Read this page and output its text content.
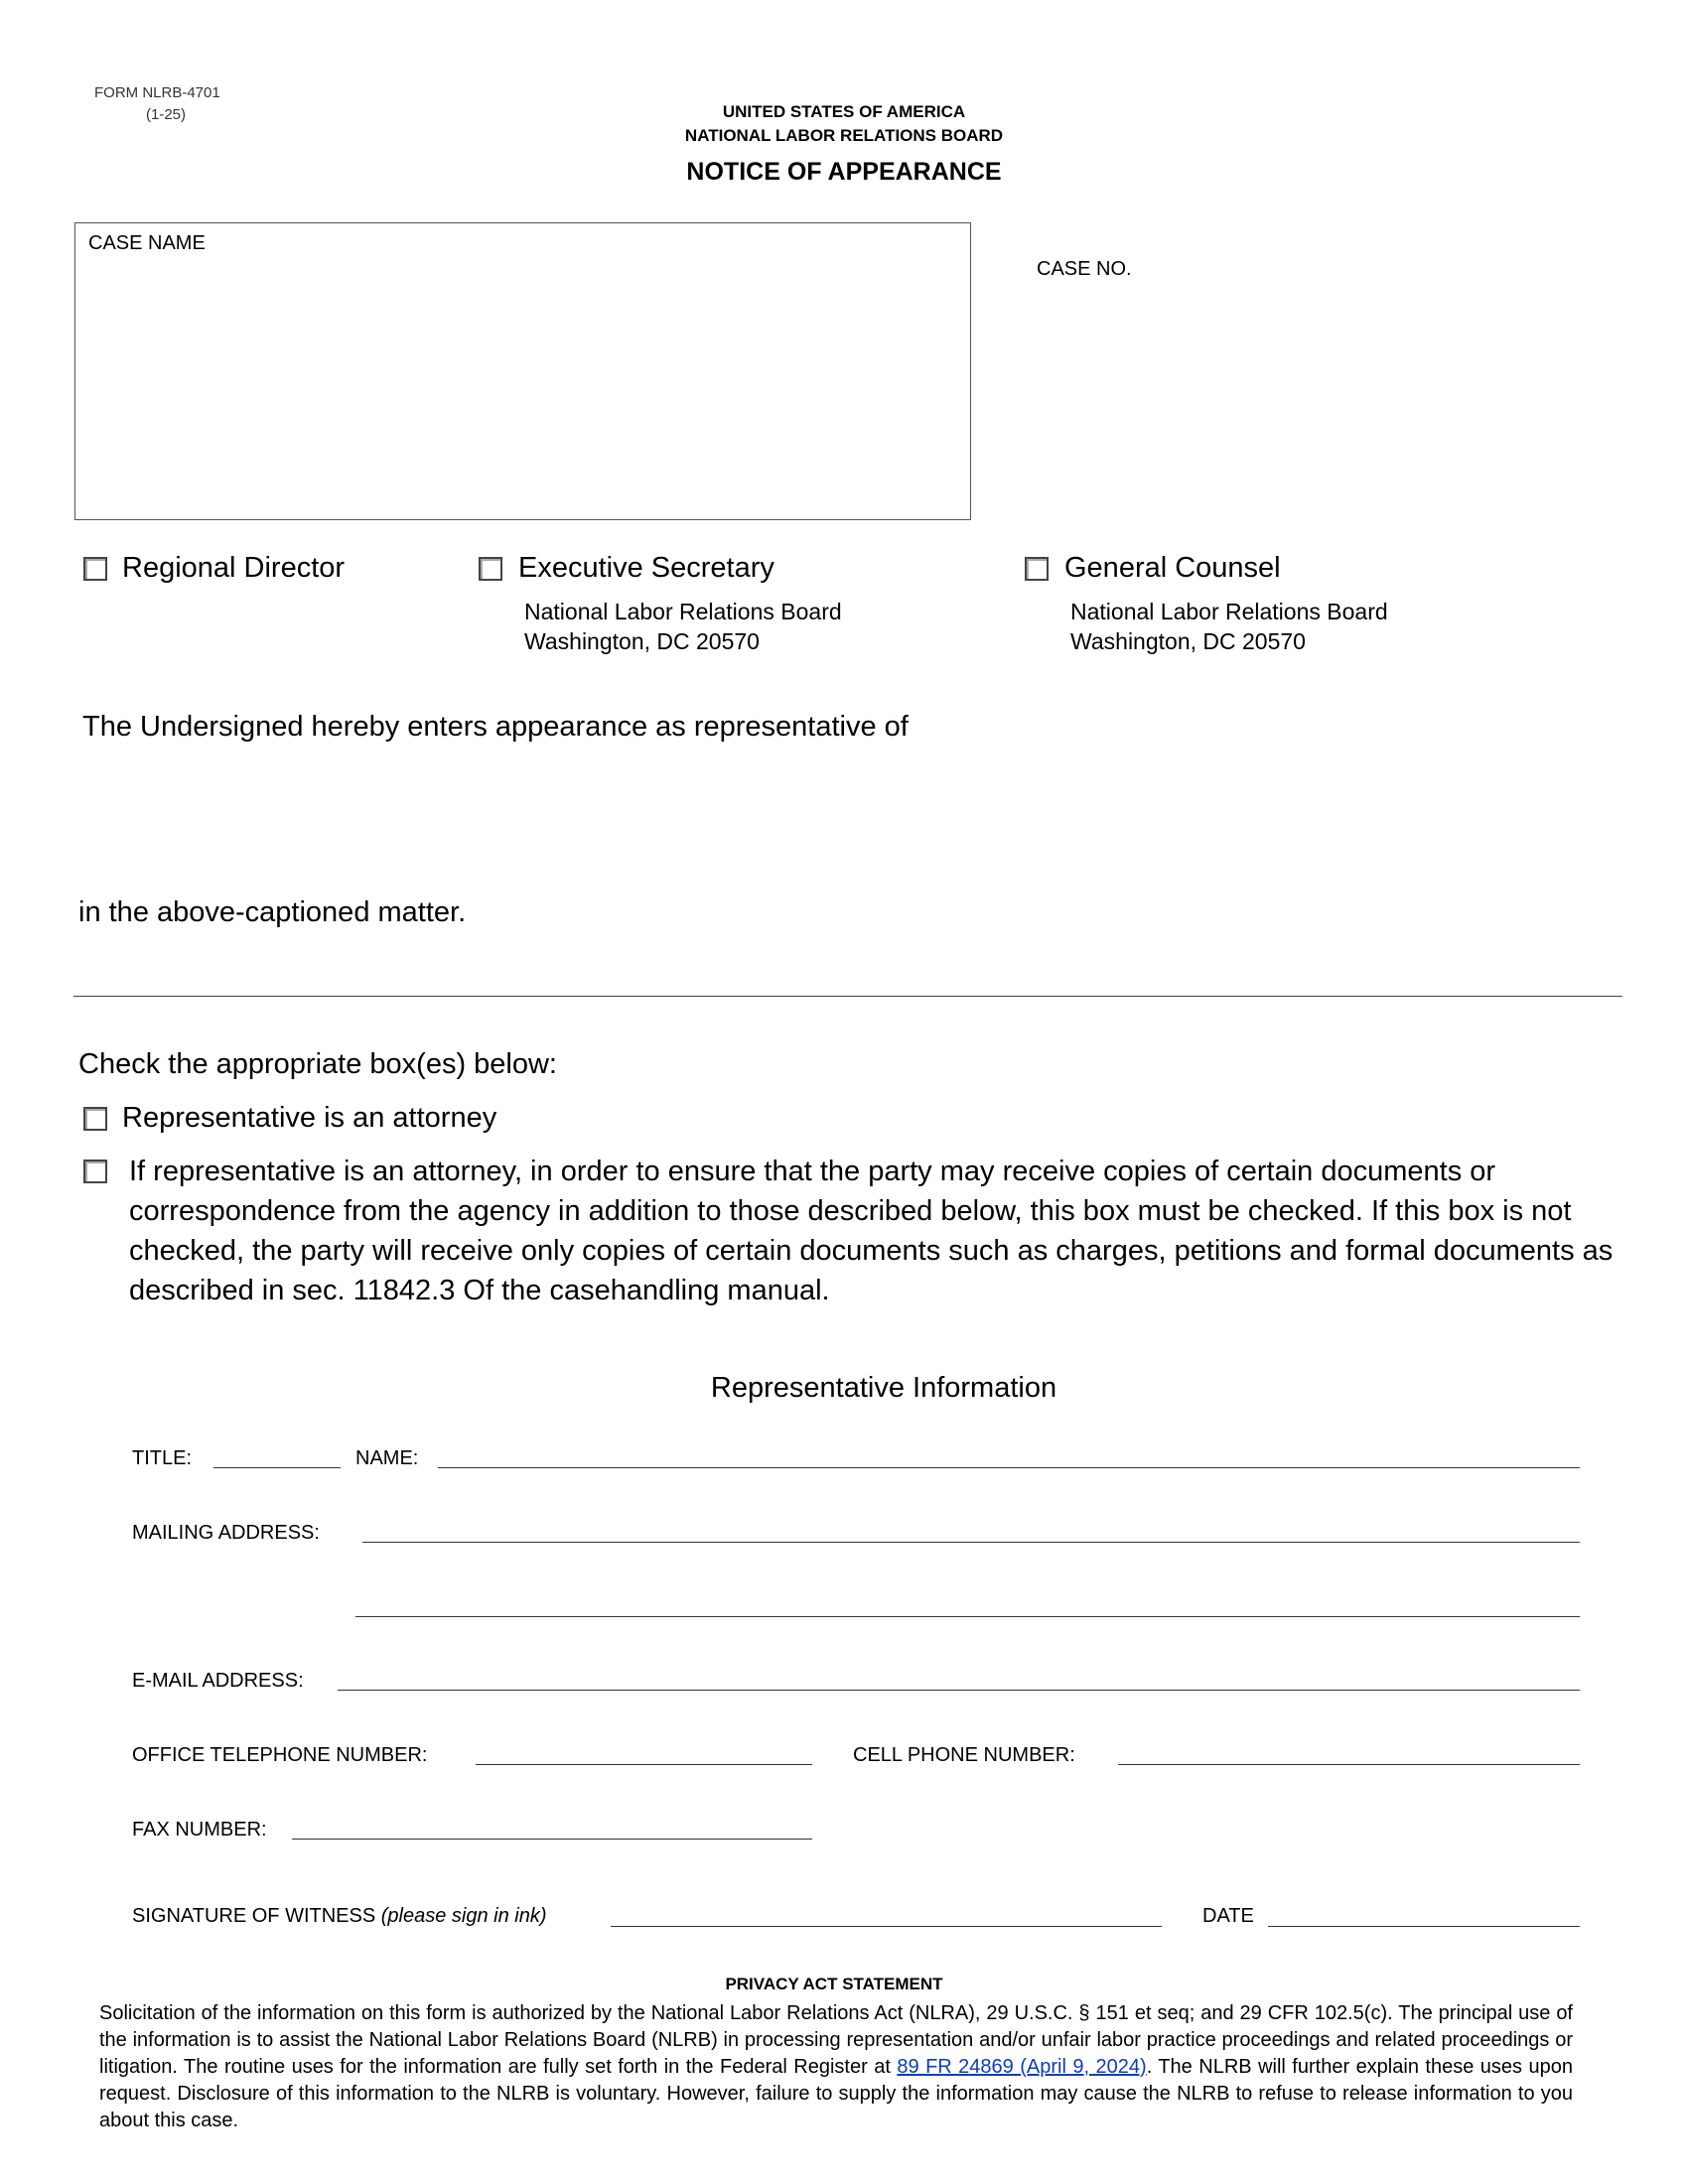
FORM NLRB-4701
(1-25)	UNITED STATES OF AMERICA
NATIONAL LABOR RELATIONS BOARD
NOTICE OF APPEARANCE
CASE NAME
CASE NO.
Regional Director	Executive Secretary
National Labor Relations Board
Washington, DC 20570
General Counsel
National Labor Relations Board
Washington, DC 20570
The Undersigned hereby enters appearance as representative of
in the above-captioned matter.
Check the appropriate box(es) below:
Representative is an attorney
If representative is an attorney, in order to ensure that the party may receive copies of certain documents or correspondence from the agency in addition to those described below, this box must be checked. If this box is not checked, the party will receive only copies of certain documents such as charges, petitions and formal documents as described in sec. 11842.3 Of the casehandling manual.
Representative Information
TITLE:	NAME:
MAILING ADDRESS:
E-MAIL ADDRESS:
OFFICE TELEPHONE NUMBER:	CELL PHONE NUMBER:
FAX NUMBER:
SIGNATURE OF WITNESS (please sign in ink)	DATE
PRIVACY ACT STATEMENT
Solicitation of the information on this form is authorized by the National Labor Relations Act (NLRA), 29 U.S.C. § 151 et seq; and 29 CFR 102.5(c). The principal use of the information is to assist the National Labor Relations Board (NLRB) in processing representation and/or unfair labor practice proceedings and related proceedings or litigation. The routine uses for the information are fully set forth in the Federal Register at 89 FR 24869 (April 9, 2024). The NLRB will further explain these uses upon request. Disclosure of this information to the NLRB is voluntary. However, failure to supply the information may cause the NLRB to refuse to release information to you about this case.
